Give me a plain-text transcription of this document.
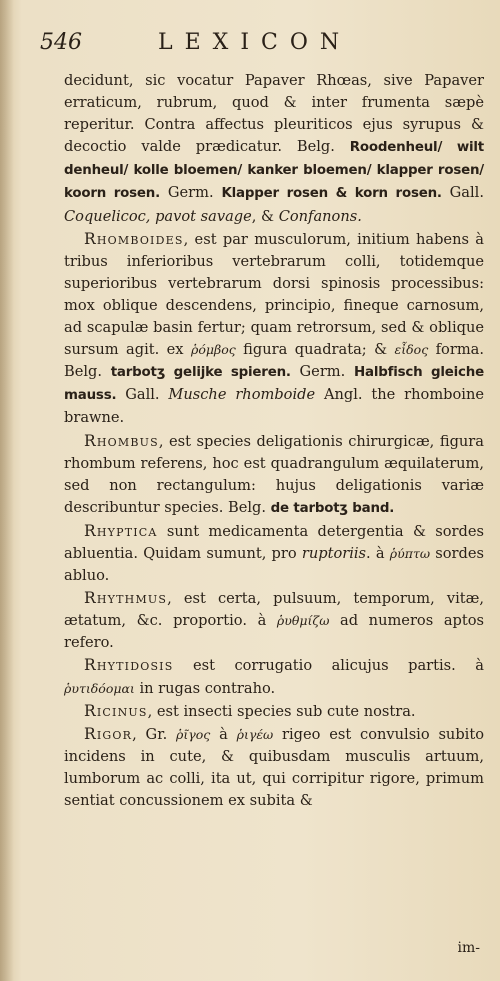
546	LEXICON

decidunt, sic vocatur Papaver Rhœas, sive Papaver erraticum, rubrum, quod & inter frumenta sæpè reperitur. Contra affectus pleuriticos ejus syrupus & decoctio valde prædicatur. Belg. Roodenheul/ wilt denheul/ kolle bloemen/ kanker bloemen/ klapper rosen/ koorn rosen. Germ. Klapper rosen & korn rosen. Gall. Coquelicoc, pavot savage, & Confanons.

Rhomboides, est par musculorum, initium habens à tribus inferioribus vertebrarum colli, totidemque superioribus vertebrarum dorsi spinosis processibus: mox oblique descendens, principio, fineque carnosum, ad scapulæ basin fertur; quam retrorsum, sed & oblique sursum agit. ex ῥόμβος figura quadrata; & εἶδος forma. Belg. tarbotʒ gelijke spieren. Germ. Halbfisch gleiche mauss. Gall. Musche rhomboide Angl. the rhomboine brawne.

Rhombus, est species deligationis chirurgicæ, figura rhombum referens, hoc est quadrangulum æquilaterum, sed non rectangulum: hujus deligationis variæ describuntur species. Belg. de tarbotʒ band.

Rhyptica sunt medicamenta detergentia & sordes abluentia. Quidam sumunt, pro ruptoriis. à ῥύπτω sordes abluo.

Rhythmus, est certa, pulsuum, temporum, vitæ, ætatum, &c. proportio. à ῥυθμίζω ad numeros aptos refero.

Rhytidosis est corrugatio alicujus partis. à ῥυτιδόομαι in rugas contraho.

Ricinus, est insecti species sub cute nostra.

Rigor, Gr. ῥῖγος à ῥιγέω rigeo est convulsio subito incidens in cute, & quibusdam musculis artuum, lumborum ac colli, ita ut, qui corripitur rigore, primum sentiat concussionem ex subita &

im-
